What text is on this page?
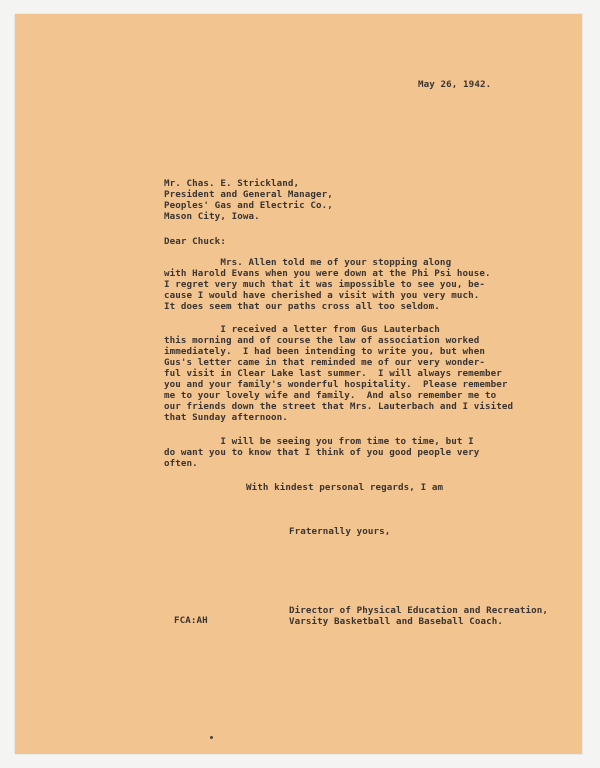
May 26, 1942.
Mr. Chas. E. Strickland,
President and General Manager,
Peoples' Gas and Electric Co.,
Mason City, Iowa.
Dear Chuck:
Mrs. Allen told me of your stopping along
with Harold Evans when you were down at the Phi Psi house.
I regret very much that it was impossible to see you, be-
cause I would have cherished a visit with you very much.
It does seem that our paths cross all too seldom.
I received a letter from Gus Lauterbach
this morning and of course the law of association worked
immediately.  I had been intending to write you, but when
Gus's letter came in that reminded me of our very wonder-
ful visit in Clear Lake last summer.  I will always remember
you and your family's wonderful hospitality.  Please remember
me to your lovely wife and family.  And also remember me to
our friends down the street that Mrs. Lauterbach and I visited
that Sunday afternoon.
I will be seeing you from time to time, but I
do want you to know that I think of you good people very
often.
With kindest personal regards, I am
Fraternally yours,
FCA:AH
Director of Physical Education and Recreation,
Varsity Basketball and Baseball Coach.
